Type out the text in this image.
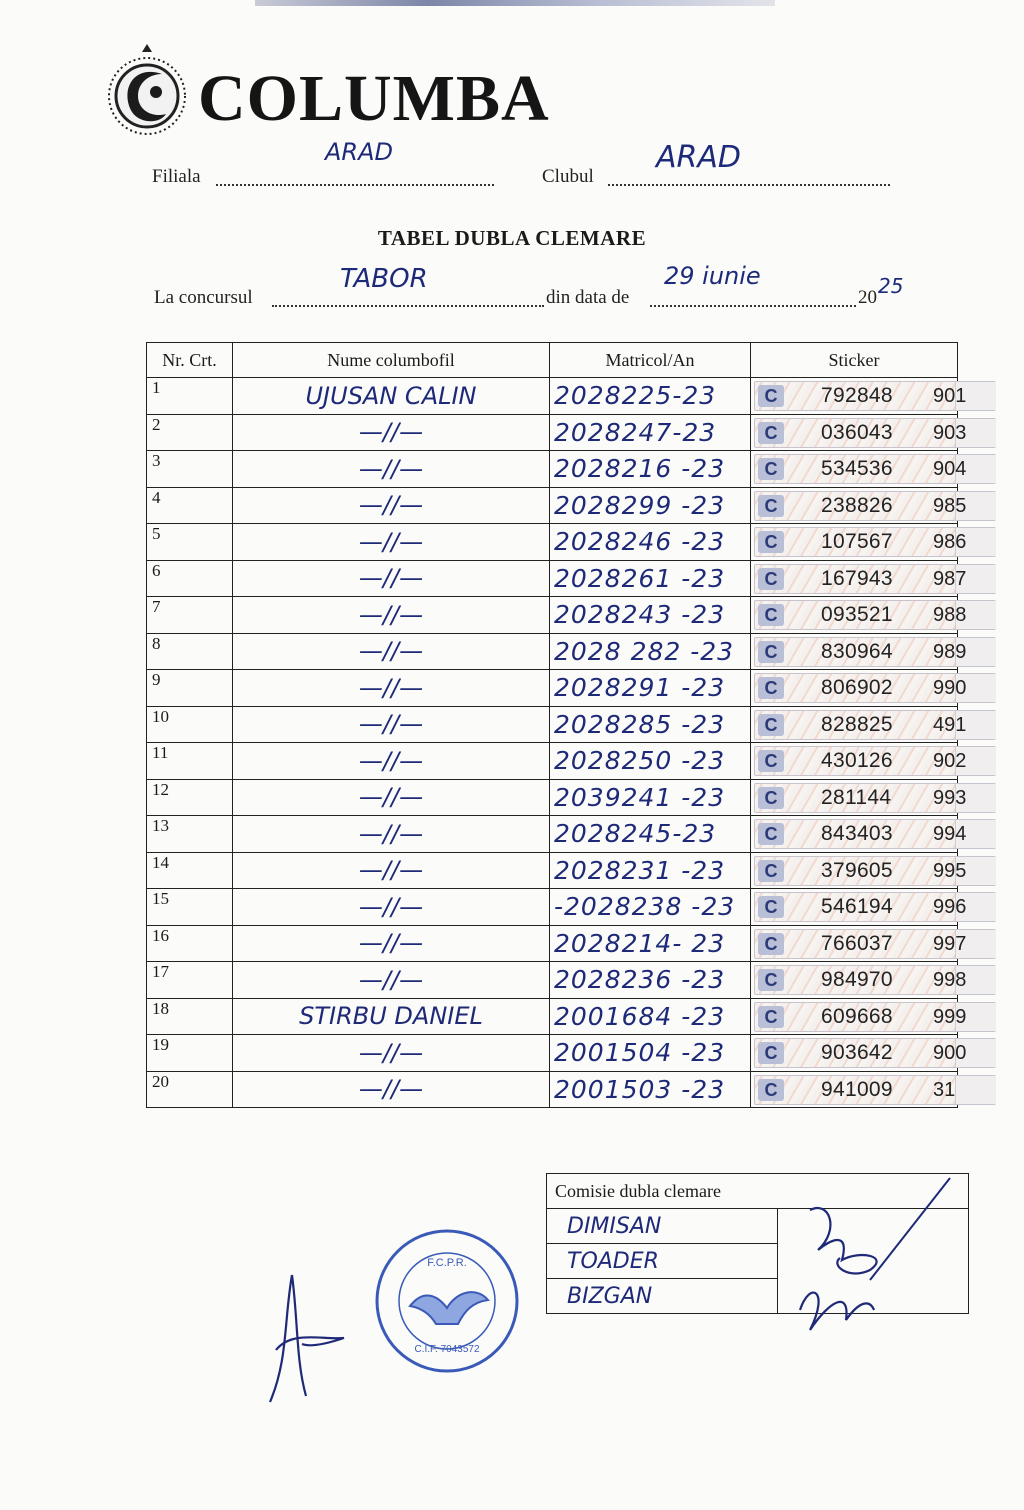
COLUMBA
Filiala
ARAD
Clubul
ARAD
TABEL DUBLA CLEMARE
La concursul
TABOR
din data de
29 iunie
20 25
Nr. Crt.	Nume columbofil	Matricol/An	Sticker
1	UJUSAN CALIN	2028225-23	C 792848 901

2	—//—	2028247-23	C 036043 903

3	—//—	2028216 -23	C 534536 904

4	—//—	2028299 -23	C 238826 985

5	—//—	2028246 -23	C 107567 986

6	—//—	2028261 -23	C 167943 987

7	—//—	2028243 -23	C 093521 988

8	—//—	2028 282 -23	C 830964 989

9	—//—	2028291 -23	C 806902 990

10	—//—	2028285 -23	C 828825 491

11	—//—	2028250 -23	C 430126 902

12	—//—	2039241 -23	C 281144 993

13	—//—	2028245-23	C 843403 994

14	—//—	2028231 -23	C 379605 995

15	—//—	-2028238 -23	C 546194 996

16	—//—	2028214- 23	C 766037 997

17	—//—	2028236 -23	C 984970 998

18	STIRBU DANIEL	2001684 -23	C 609668 999

19	—//—	2001504 -23	C 903642 900

20	—//—	2001503 -23	C 941009 31
Comisie dubla clemare
DIMISAN	
TOADER
BIZGAN
F.C.P.R.
C.I.F. 7043572
